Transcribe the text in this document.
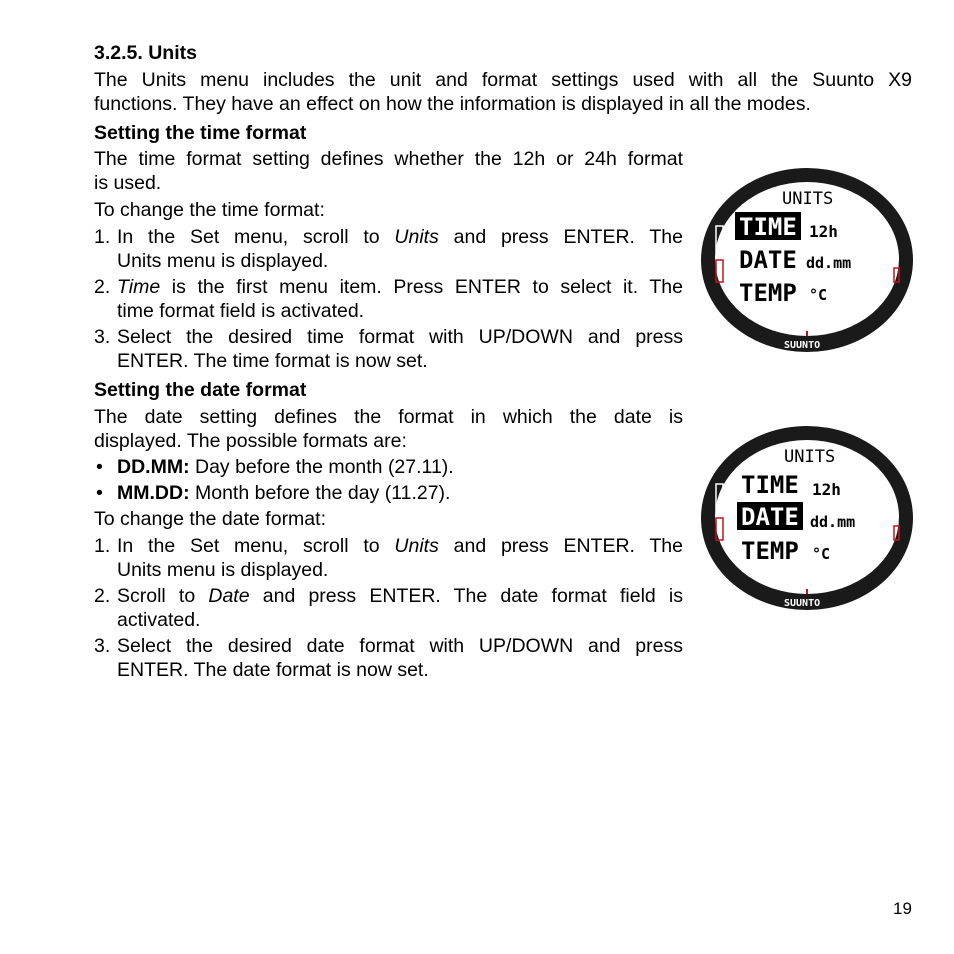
3.2.5. Units
The Units menu includes the unit and format settings used with all the Suunto X9
functions. They have an effect on how the information is displayed in all the modes.
Setting the time format
The time format setting defines whether the 12h or 24h format
is used.
To change the time format:
1. In the Set menu, scroll to Units and press ENTER. The
Units menu is displayed.
2. Time is the first menu item. Press ENTER to select it. The
time format field is activated.
3. Select the desired time format with UP/DOWN and press
ENTER. The time format is now set.
Setting the date format
The date setting defines the format in which the date is
displayed. The possible formats are:
• DD.MM: Day before the month (27.11).
• MM.DD: Month before the day (11.27).
To change the date format:
1. In the Set menu, scroll to Units and press ENTER. The
Units menu is displayed.
2. Scroll to Date and press ENTER. The date format field is
activated.
3. Select the desired date format with UP/DOWN and press
ENTER. The date format is now set.
UNITS
TIME 12h
DATE dd.mm
TEMP °C
SUUNTO
UNITS
TIME 12h
DATE dd.mm
TEMP °C
SUUNTO
19
